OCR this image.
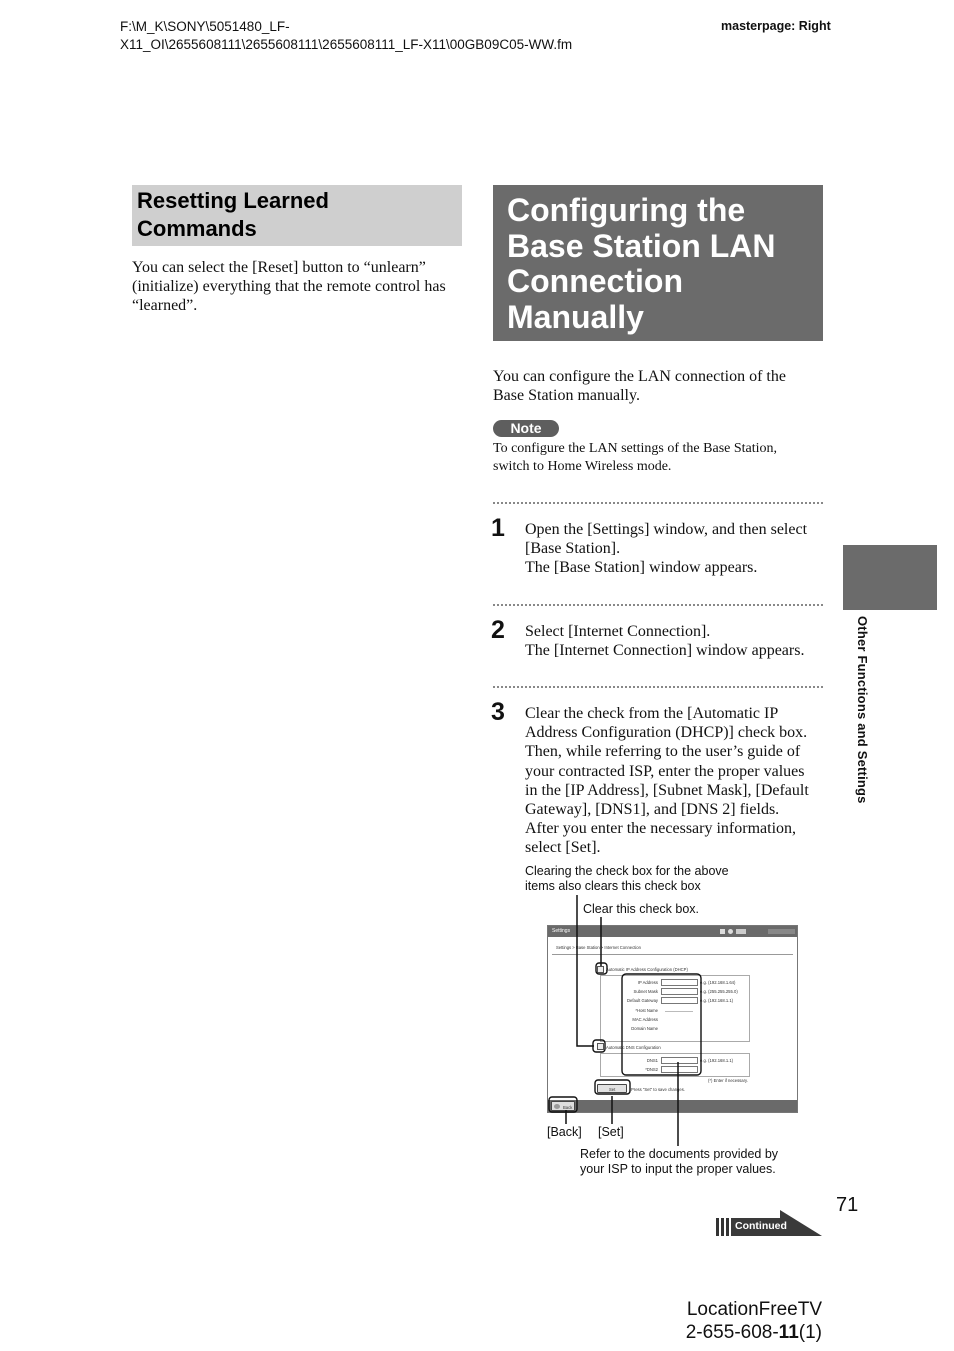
F:\M_K\SONY\5051480_LF-
X11_OI\2655608111\2655608111\2655608111_LF-X11\00GB09C05-WW.fm
masterpage: Right
Resetting Learned
Commands
You can select the [Reset] button to “unlearn”
(initialize) everything that the remote control has
“learned”.
Configuring the
Base Station LAN
Connection
Manually
You can configure the LAN connection of the
Base Station manually.
Note
To configure the LAN settings of the Base Station,
switch to Home Wireless mode.
1 Open the [Settings] window, and then select
[Base Station].
The [Base Station] window appears.
2 Select [Internet Connection].
The [Internet Connection] window appears.
3 Clear the check from the [Automatic IP
Address Configuration (DHCP)] check box.
Then, while referring to the user’s guide of
your contracted ISP, enter the proper values
in the [IP Address], [Subnet Mask], [Default
Gateway], [DNS1], and [DNS 2] fields.
After you enter the necessary information,
select [Set].
Clearing the check box for the above
items also clears this check box
Clear this check box.
[Back] [Set]
Refer to the documents provided by
your ISP to input the proper values.
Settings
Settings > Base Station > Internet Connection
Automatic IP Address Configuration (DHCP)
IP Address	e.g. (192.168.1.64)
Subnet Mask	e.g. (255.255.255.0)
Default Gateway	e.g. (192.168.1.1)
*Host Name
MAC Address
Domain Name
Automatic DNS Configuration
DNS1	e.g. (192.168.1.1)
*DNS2
(*) Enter if necessary.
Set	Press "Set" to save changes.
Back
Other Functions and Settings
71
Continued
LocationFreeTV
2-655-608-11(1)
